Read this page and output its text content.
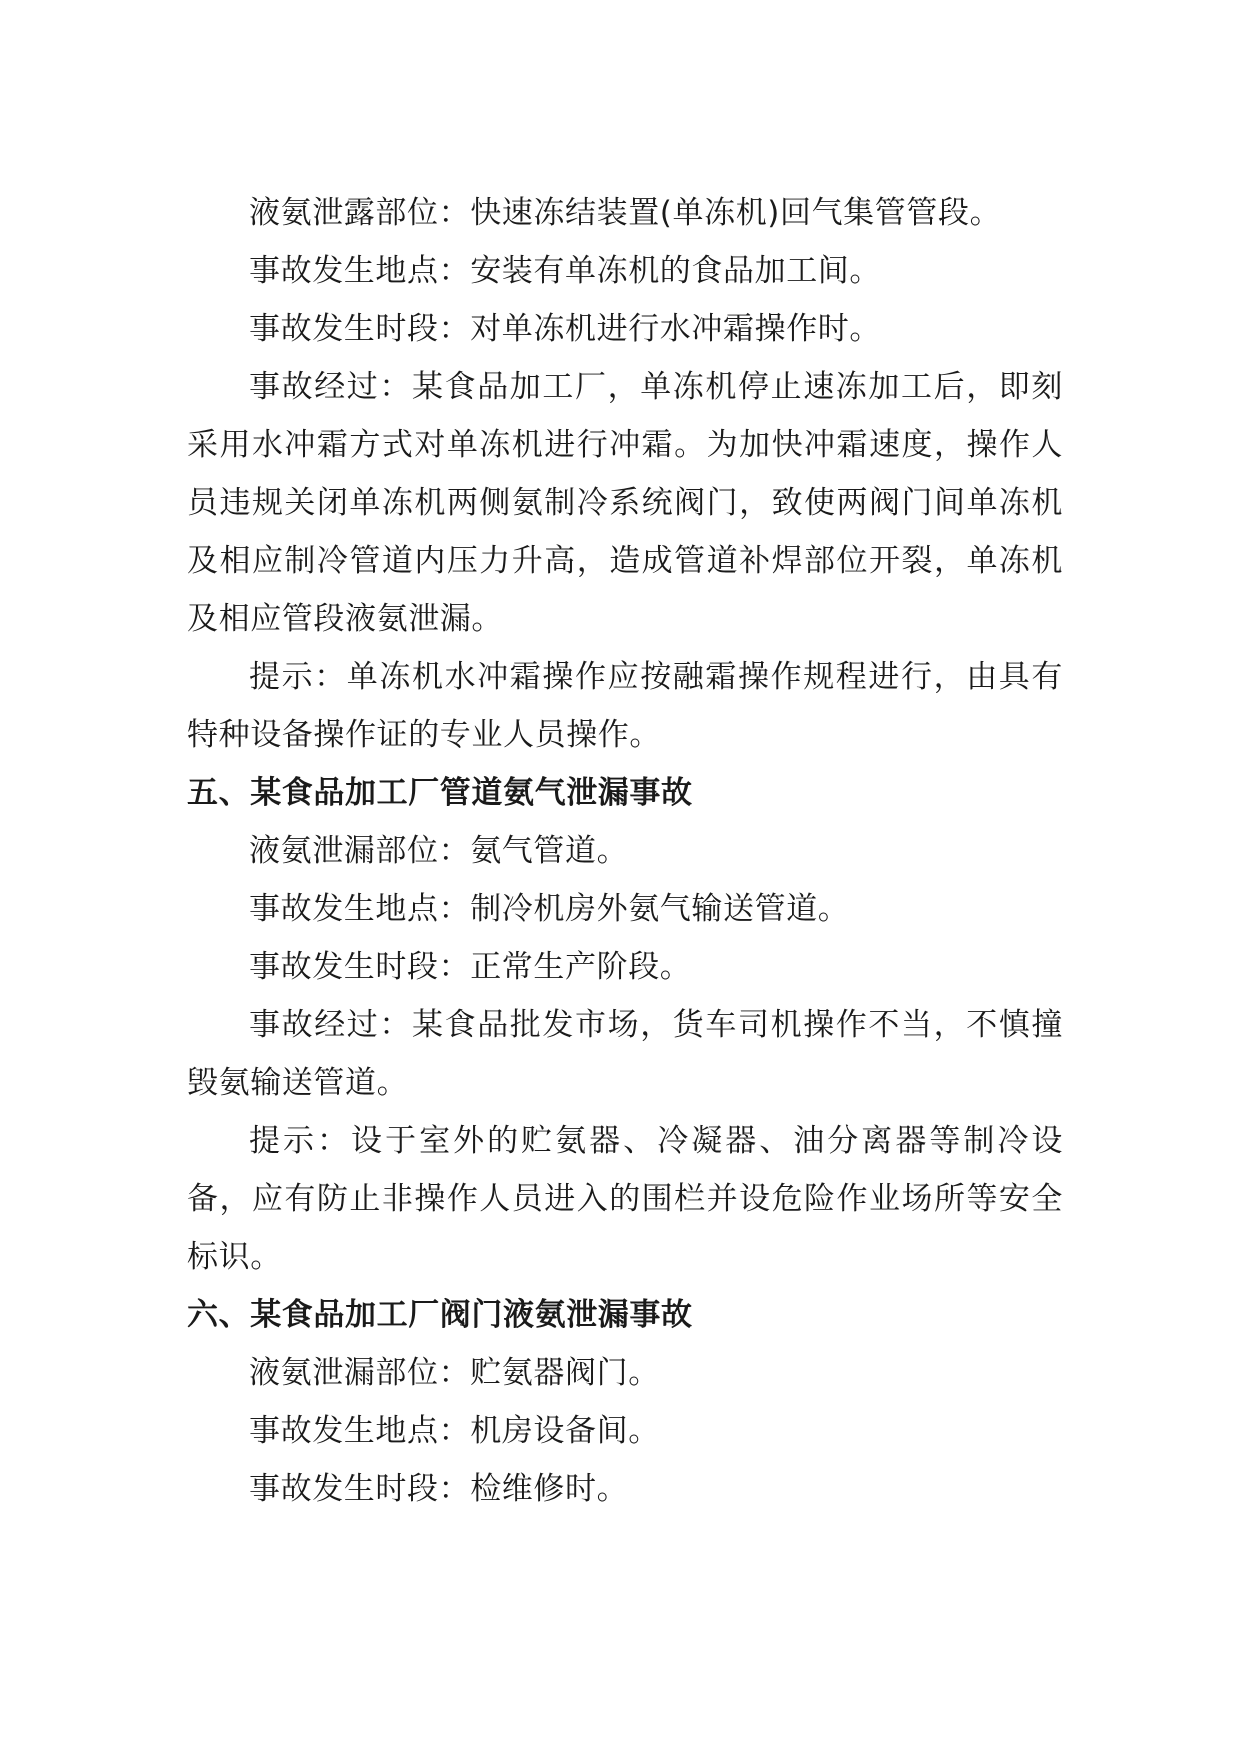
液氨泄露部位：快速冻结装置(单冻机)回气集管管段。

事故发生地点：安装有单冻机的食品加工间。

事故发生时段：对单冻机进行水冲霜操作时。

事故经过：某食品加工厂，单冻机停止速冻加工后，即刻采用水冲霜方式对单冻机进行冲霜。为加快冲霜速度，操作人员违规关闭单冻机两侧氨制冷系统阀门，致使两阀门间单冻机及相应制冷管道内压力升高，造成管道补焊部位开裂，单冻机及相应管段液氨泄漏。

提示：单冻机水冲霜操作应按融霜操作规程进行，由具有特种设备操作证的专业人员操作。

五、某食品加工厂管道氨气泄漏事故

液氨泄漏部位：氨气管道。

事故发生地点：制冷机房外氨气输送管道。

事故发生时段：正常生产阶段。

事故经过：某食品批发市场，货车司机操作不当，不慎撞毁氨输送管道。

提示：设于室外的贮氨器、冷凝器、油分离器等制冷设备，应有防止非操作人员进入的围栏并设危险作业场所等安全标识。

六、某食品加工厂阀门液氨泄漏事故

液氨泄漏部位：贮氨器阀门。

事故发生地点：机房设备间。

事故发生时段：检维修时。
